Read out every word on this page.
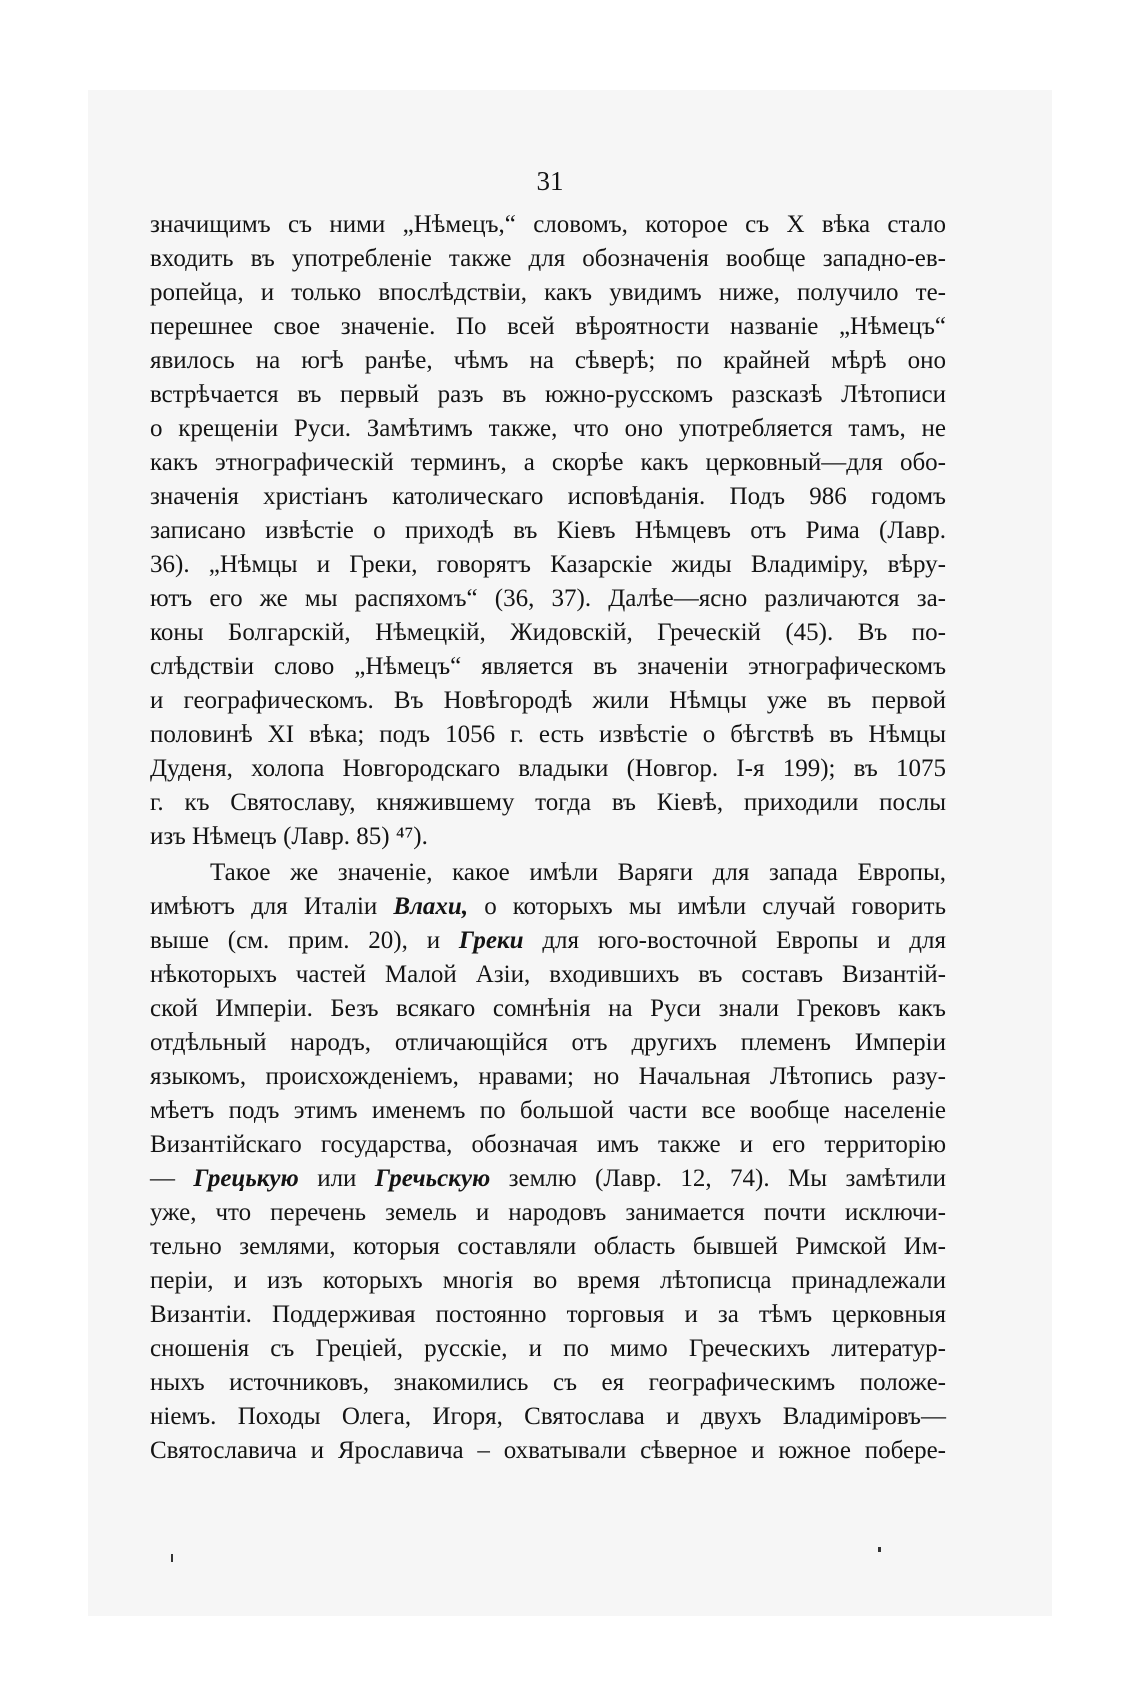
31
значищимъ съ ними „Нѣмецъ,“ словомъ, которое съ X вѣка стало
входить въ употребленіе также для обозначенія вообще западно-ев-
ропейца, и только впослѣдствіи, какъ увидимъ ниже, получило те-
перешнее свое значеніе. По всей вѣроятности названіе „Нѣмецъ“
явилось на югѣ ранѣе, чѣмъ на сѣверѣ; по крайней мѣрѣ оно
встрѣчается въ первый разъ въ южно-русскомъ разсказѣ Лѣтописи
о крещеніи Руси. Замѣтимъ также, что оно употребляется тамъ, не
какъ этнографическій терминъ, а скорѣе какъ церковный—для обо-
значенія христіанъ католическаго исповѣданія. Подъ 986 годомъ
записано извѣстіе о приходѣ въ Кіевъ Нѣмцевъ отъ Рима (Лавр.
36). „Нѣмцы и Греки, говорятъ Казарскіе жиды Владиміру, вѣру-
ютъ его же мы распяхомъ“ (36, 37). Далѣе—ясно различаются за-
коны Болгарскій, Нѣмецкій, Жидовскій, Греческій (45). Въ по-
слѣдствіи слово „Нѣмецъ“ является въ значеніи этнографическомъ
и географическомъ. Въ Новѣгородѣ жили Нѣмцы уже въ первой
половинѣ XI вѣка; подъ 1056 г. есть извѣстіе о бѣгствѣ въ Нѣмцы
Дуденя, холопа Новгородскаго владыки (Новгор. I-я 199); въ 1075
г. къ Святославу, княжившему тогда въ Кіевѣ, приходили послы
изъ Нѣмецъ (Лавр. 85) ⁴⁷).
Такое же значеніе, какое имѣли Варяги для запада Европы,
имѣютъ для Италіи Влахи, о которыхъ мы имѣли случай говорить
выше (см. прим. 20), и Греки для юго-восточной Европы и для
нѣкоторыхъ частей Малой Азіи, входившихъ въ составъ Византій-
ской Имперіи. Безъ всякаго сомнѣнія на Руси знали Грековъ какъ
отдѣльный народъ, отличающійся отъ другихъ племенъ Имперіи
языкомъ, происхожденіемъ, нравами; но Начальная Лѣтопись разу-
мѣетъ подъ этимъ именемъ по большой части все вообще населеніе
Византійскаго государства, обозначая имъ также и его территорію
— Грецькую или Гречьскую землю (Лавр. 12, 74). Мы замѣтили
уже, что перечень земель и народовъ занимается почти исключи-
тельно землями, которыя составляли область бывшей Римской Им-
періи, и изъ которыхъ многія во время лѣтописца принадлежали
Византіи. Поддерживая постоянно торговыя и за тѣмъ церковныя
сношенія съ Греціей, русскіе, и по мимо Греческихъ литератур-
ныхъ источниковъ, знакомились съ ея географическимъ положе-
ніемъ. Походы Олега, Игоря, Святослава и двухъ Владиміровъ—
Святославича и Ярославича – охватывали сѣверное и южное побере-
